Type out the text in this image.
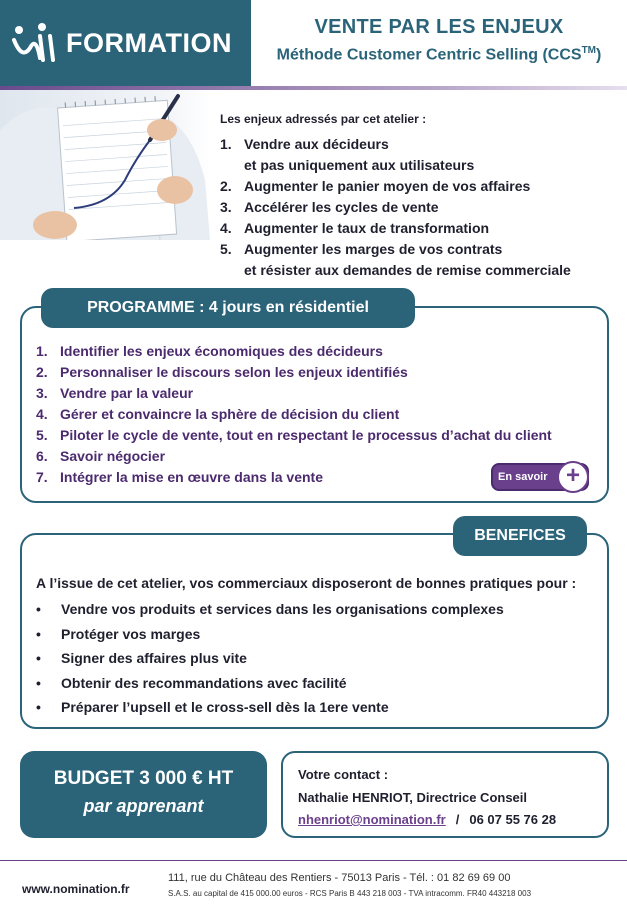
FORMATION
VENTE PAR LES ENJEUX
Méthode Customer Centric Selling (CCS™)
Les enjeux adressés par cet atelier :
1. Vendre aux décideurs
et pas uniquement aux utilisateurs
2. Augmenter le panier moyen de vos affaires
3. Accélérer les cycles de vente
4. Augmenter le taux de transformation
5. Augmenter les marges de vos contrats
et résister aux demandes de remise commerciale
PROGRAMME : 4 jours en résidentiel
1. Identifier les enjeux économiques des décideurs
2. Personnaliser le discours selon les enjeux identifiés
3. Vendre par la valeur
4. Gérer et convaincre la sphère de décision du client
5. Piloter le cycle de vente, tout en respectant le processus d’achat du client
6. Savoir négocier
7. Intégrer la mise en œuvre dans la vente	En savoir +
BENEFICES
A l’issue de cet atelier, vos commerciaux disposeront de bonnes pratiques pour :
•	Vendre vos produits et services dans les organisations complexes
•	Protéger vos marges
•	Signer des affaires plus vite
•	Obtenir des recommandations avec facilité
•	Préparer l’upsell et le cross-sell dès la 1ere vente
BUDGET 3 000 € HT
par apprenant
Votre contact :
Nathalie HENRIOT, Directrice Conseil
nhenriot@nomination.fr / 06 07 55 76 28
www.nomination.fr
111, rue du Château des Rentiers - 75013 Paris - Tél. : 01 82 69 69 00
S.A.S. au capital de 415 000.00 euros - RCS Paris B 443 218 003 - TVA intracomm. FR40 443218 003
